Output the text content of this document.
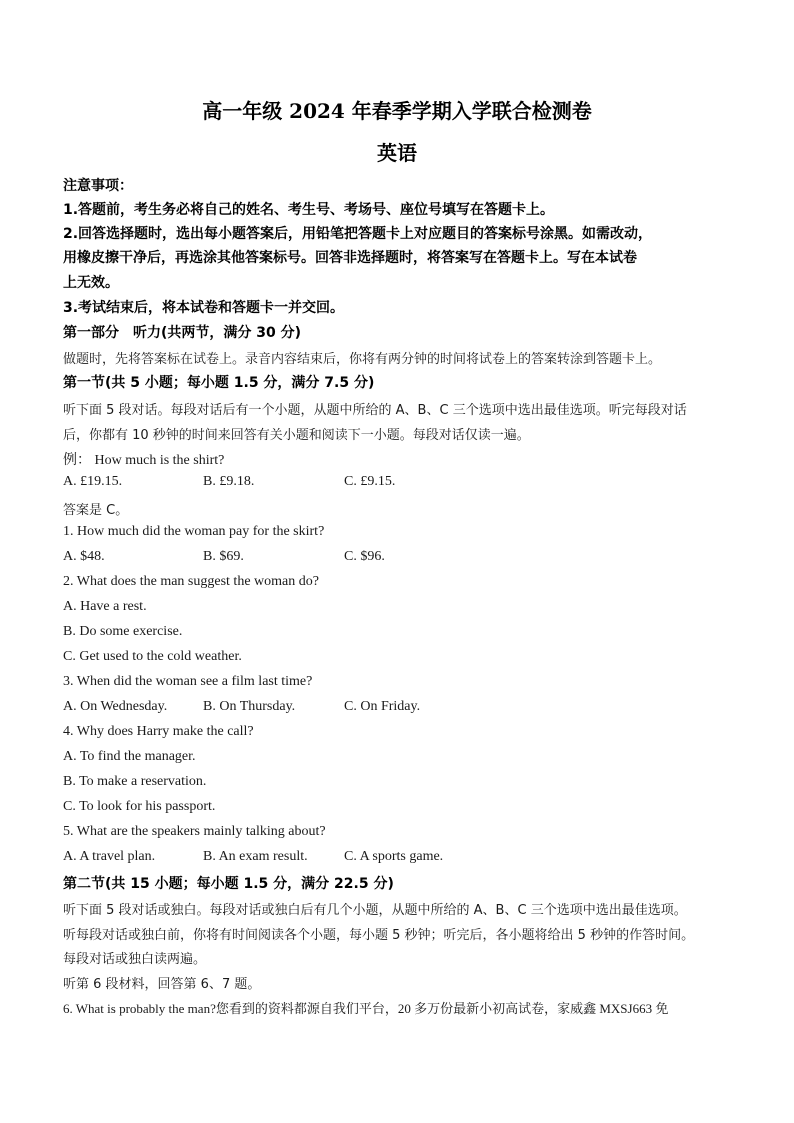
高一年级 2024 年春季学期入学联合检测卷
英语
注意事项：
1.答题前，考生务必将自己的姓名、考生号、考场号、座位号填写在答题卡上。
2.回答选择题时，选出每小题答案后，用铅笔把答题卡上对应题目的答案标号涂黑。如需改动，
用橡皮擦干净后，再选涂其他答案标号。回答非选择题时，将答案写在答题卡上。写在本试卷
上无效。
3.考试结束后，将本试卷和答题卡一并交回。
第一部分　听力(共两节，满分 30 分)
做题时，先将答案标在试卷上。录音内容结束后，你将有两分钟的时间将试卷上的答案转涂到答题卡上。
第一节(共 5 小题；每小题 1.5 分，满分 7.5 分)
听下面 5 段对话。每段对话后有一个小题，从题中所给的 A、B、C 三个选项中选出最佳选项。听完每段对话
后，你都有 10 秒钟的时间来回答有关小题和阅读下一小题。每段对话仅读一遍。
例： How much is the shirt?
A. £19.15.	B. £9.18.	C. £9.15.
答案是 C。
1. How much did the woman pay for the skirt?
A. $48.	B. $69.	C. $96.
2. What does the man suggest the woman do?
A. Have a rest.
B. Do some exercise.
C. Get used to the cold weather.
3. When did the woman see a film last time?
A. On Wednesday.	B. On Thursday.	C. On Friday.
4. Why does Harry make the call?
A. To find the manager.
B. To make a reservation.
C. To look for his passport.
5. What are the speakers mainly talking about?
A. A travel plan.	B. An exam result.	C. A sports game.
第二节(共 15 小题；每小题 1.5 分，满分 22.5 分)
听下面 5 段对话或独白。每段对话或独白后有几个小题，从题中所给的 A、B、C 三个选项中选出最佳选项。
听每段对话或独白前，你将有时间阅读各个小题，每小题 5 秒钟；听完后，各小题将给出 5 秒钟的作答时间。
每段对话或独白读两遍。
听第 6 段材料，回答第 6、7 题。
6. What is probably the man?您看到的资料都源自我们平台，20 多万份最新小初高试卷，家威鑫 MXSJ663 免
